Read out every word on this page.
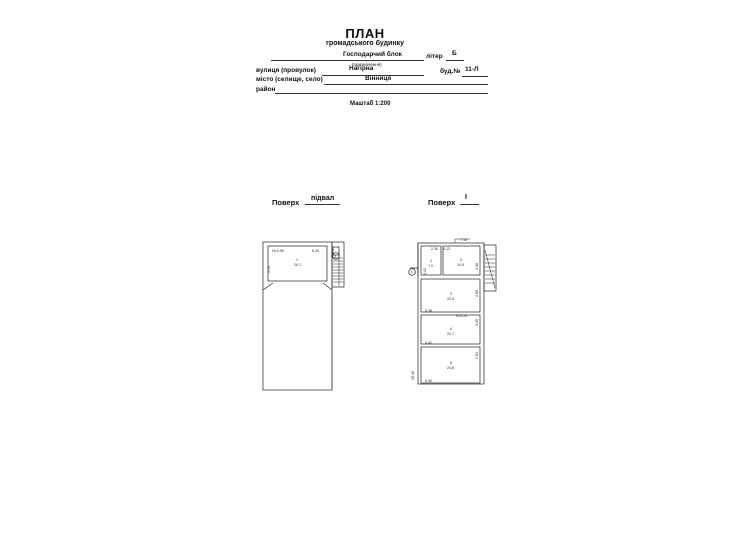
ПЛАН
громадського будинку
Господарчий блок
(призначення)
літер Б
вулиця (провулок)	Нагірна	буд.№ 11-Л
місто (селище, село)	Вінниця
район
Маштаб 1:200
Поверх підвал	Поверх
І
Н=2.90	6.25
3.45
1
20.1
1
7.16
2.30 4.13
3.42
3.06
6.38
6.42
6.40
15.40
2.85
3.25
1.94
Н=2.47
1
7.0
2
14.9
3
22.4
4
21.7
5
24.6
1
